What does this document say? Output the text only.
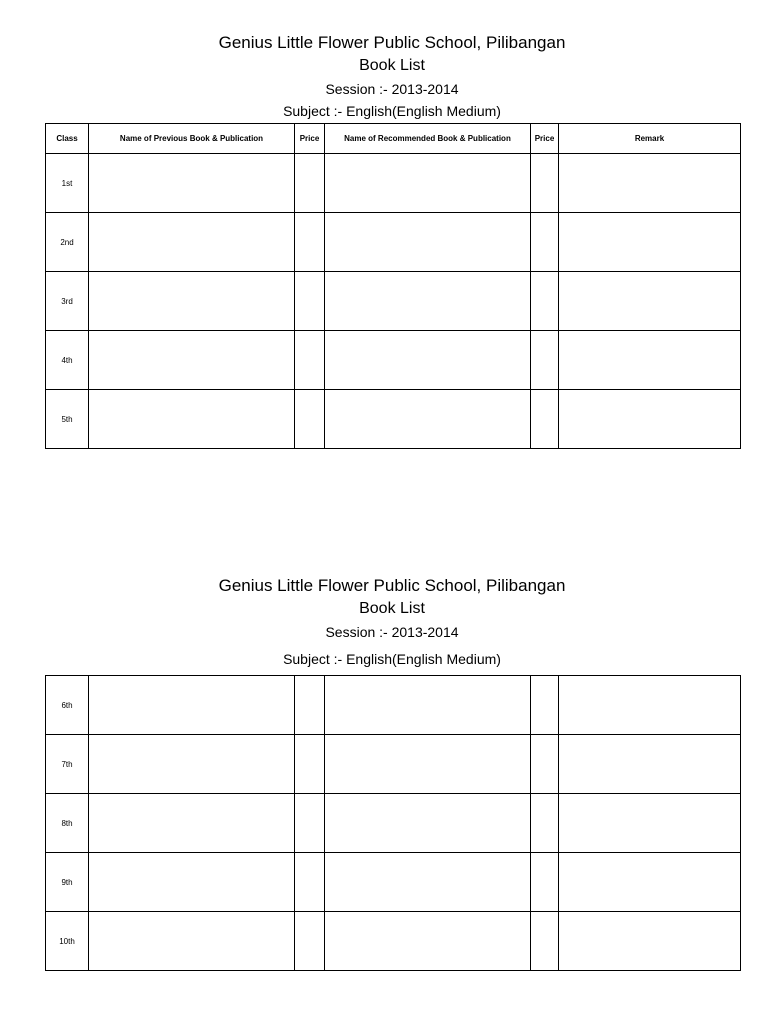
Genius Little Flower Public School, Pilibangan
Book List
Session :- 2013-2014
Subject :- English(English Medium)
Class	Name of Previous Book & Publication	Price	Name of Recommended Book & Publication	Price	Remark
1st					
2nd					
3rd					
4th					
5th					
Genius Little Flower Public School, Pilibangan
Book List
Session :- 2013-2014
Subject :- English(English Medium)
6th					
7th					
8th					
9th					
10th					
